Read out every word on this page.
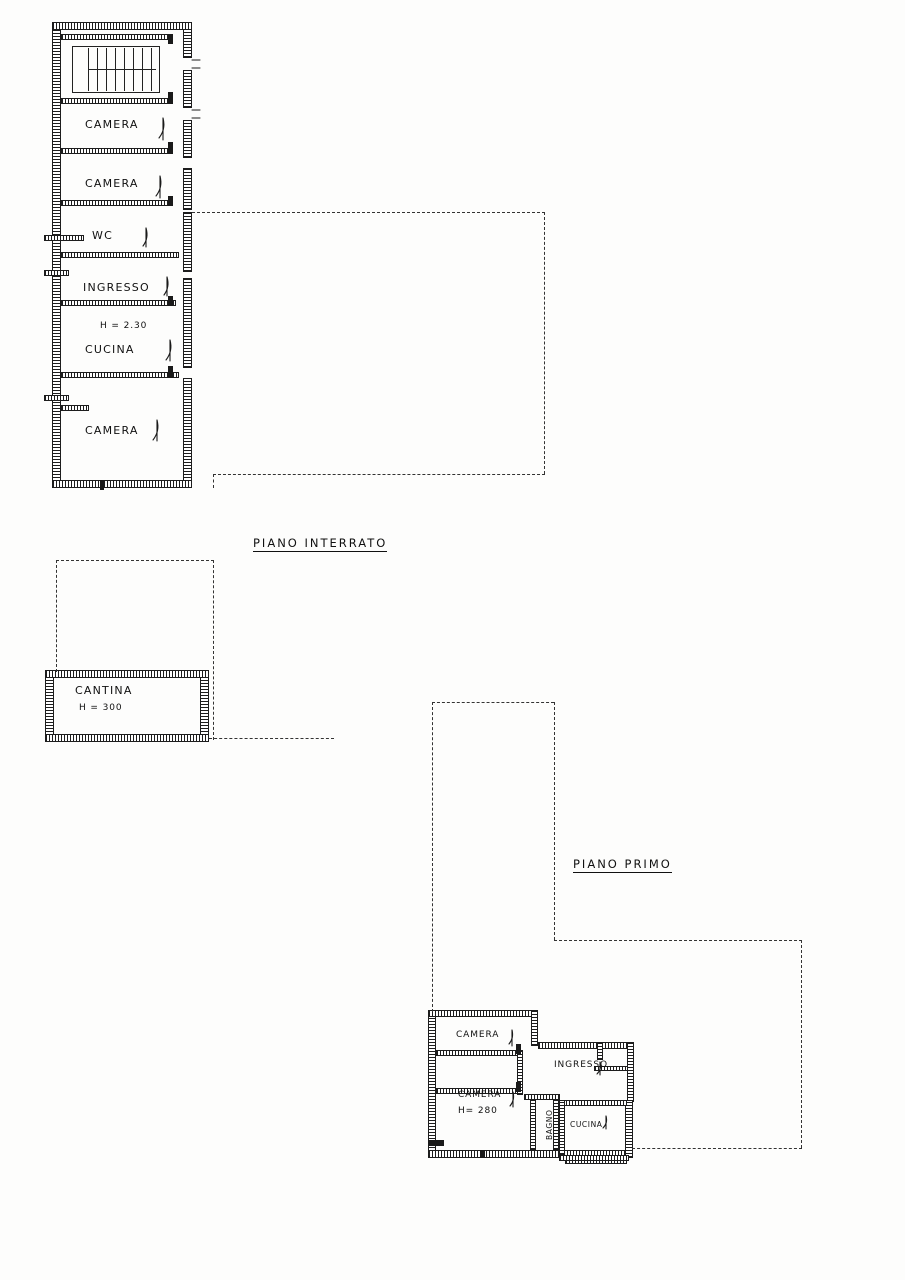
CAMERA
CAMERA
WC
INGRESSO
H = 2.30
CUCINA
CAMERA
CANTINA
H = 300
PIANO INTERRATO
PIANO PRIMO
CAMERA
INGRESSO
CAMERA
H= 280	BAGNO CUCINA
